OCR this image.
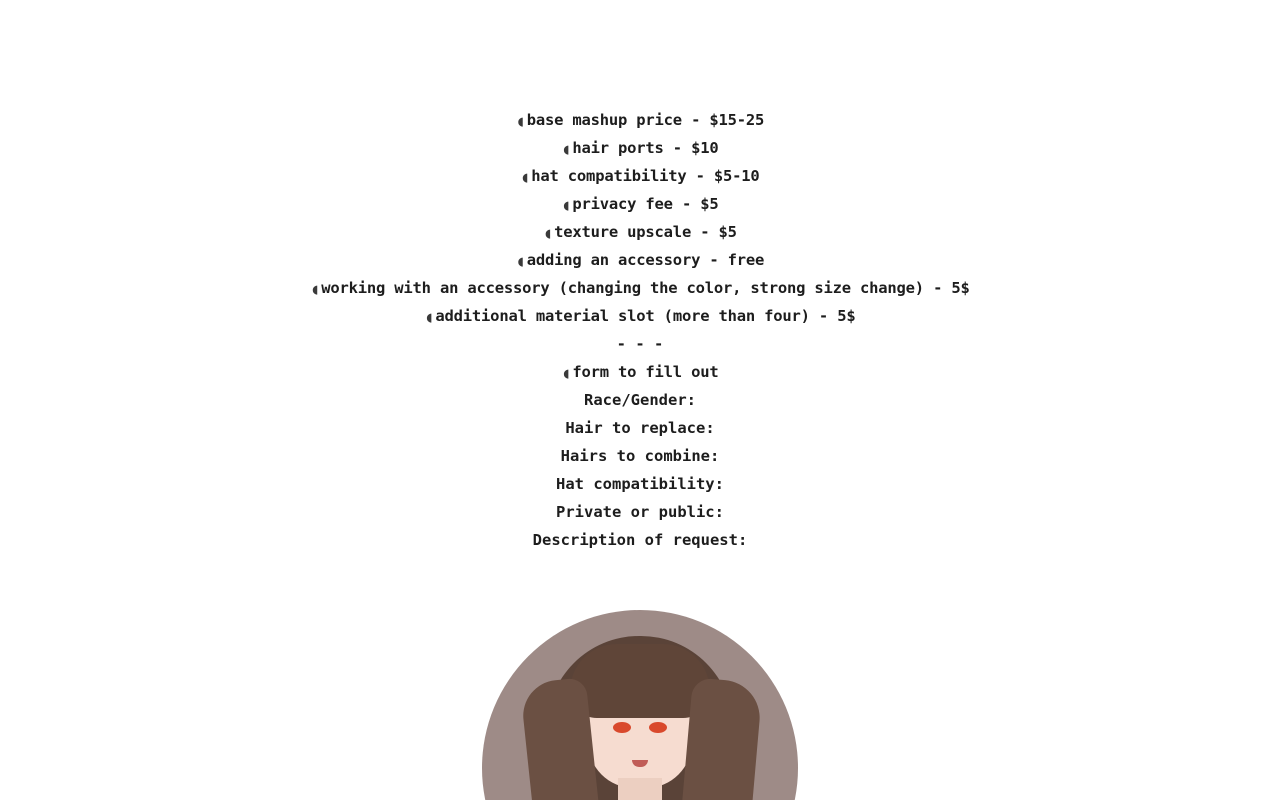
◖ base mashup price - $15-25
◖ hair ports - $10
◖ hat compatibility - $5-10
◖ privacy fee - $5
◖ texture upscale - $5
◖ adding an accessory - free
◖ working with an accessory (changing the color, strong size change) - 5$
◖ additional material slot (more than four) - 5$
- - -
◖ form to fill out
Race/Gender:
Hair to replace:
Hairs to combine:
Hat compatibility:
Private or public:
Description of request:
